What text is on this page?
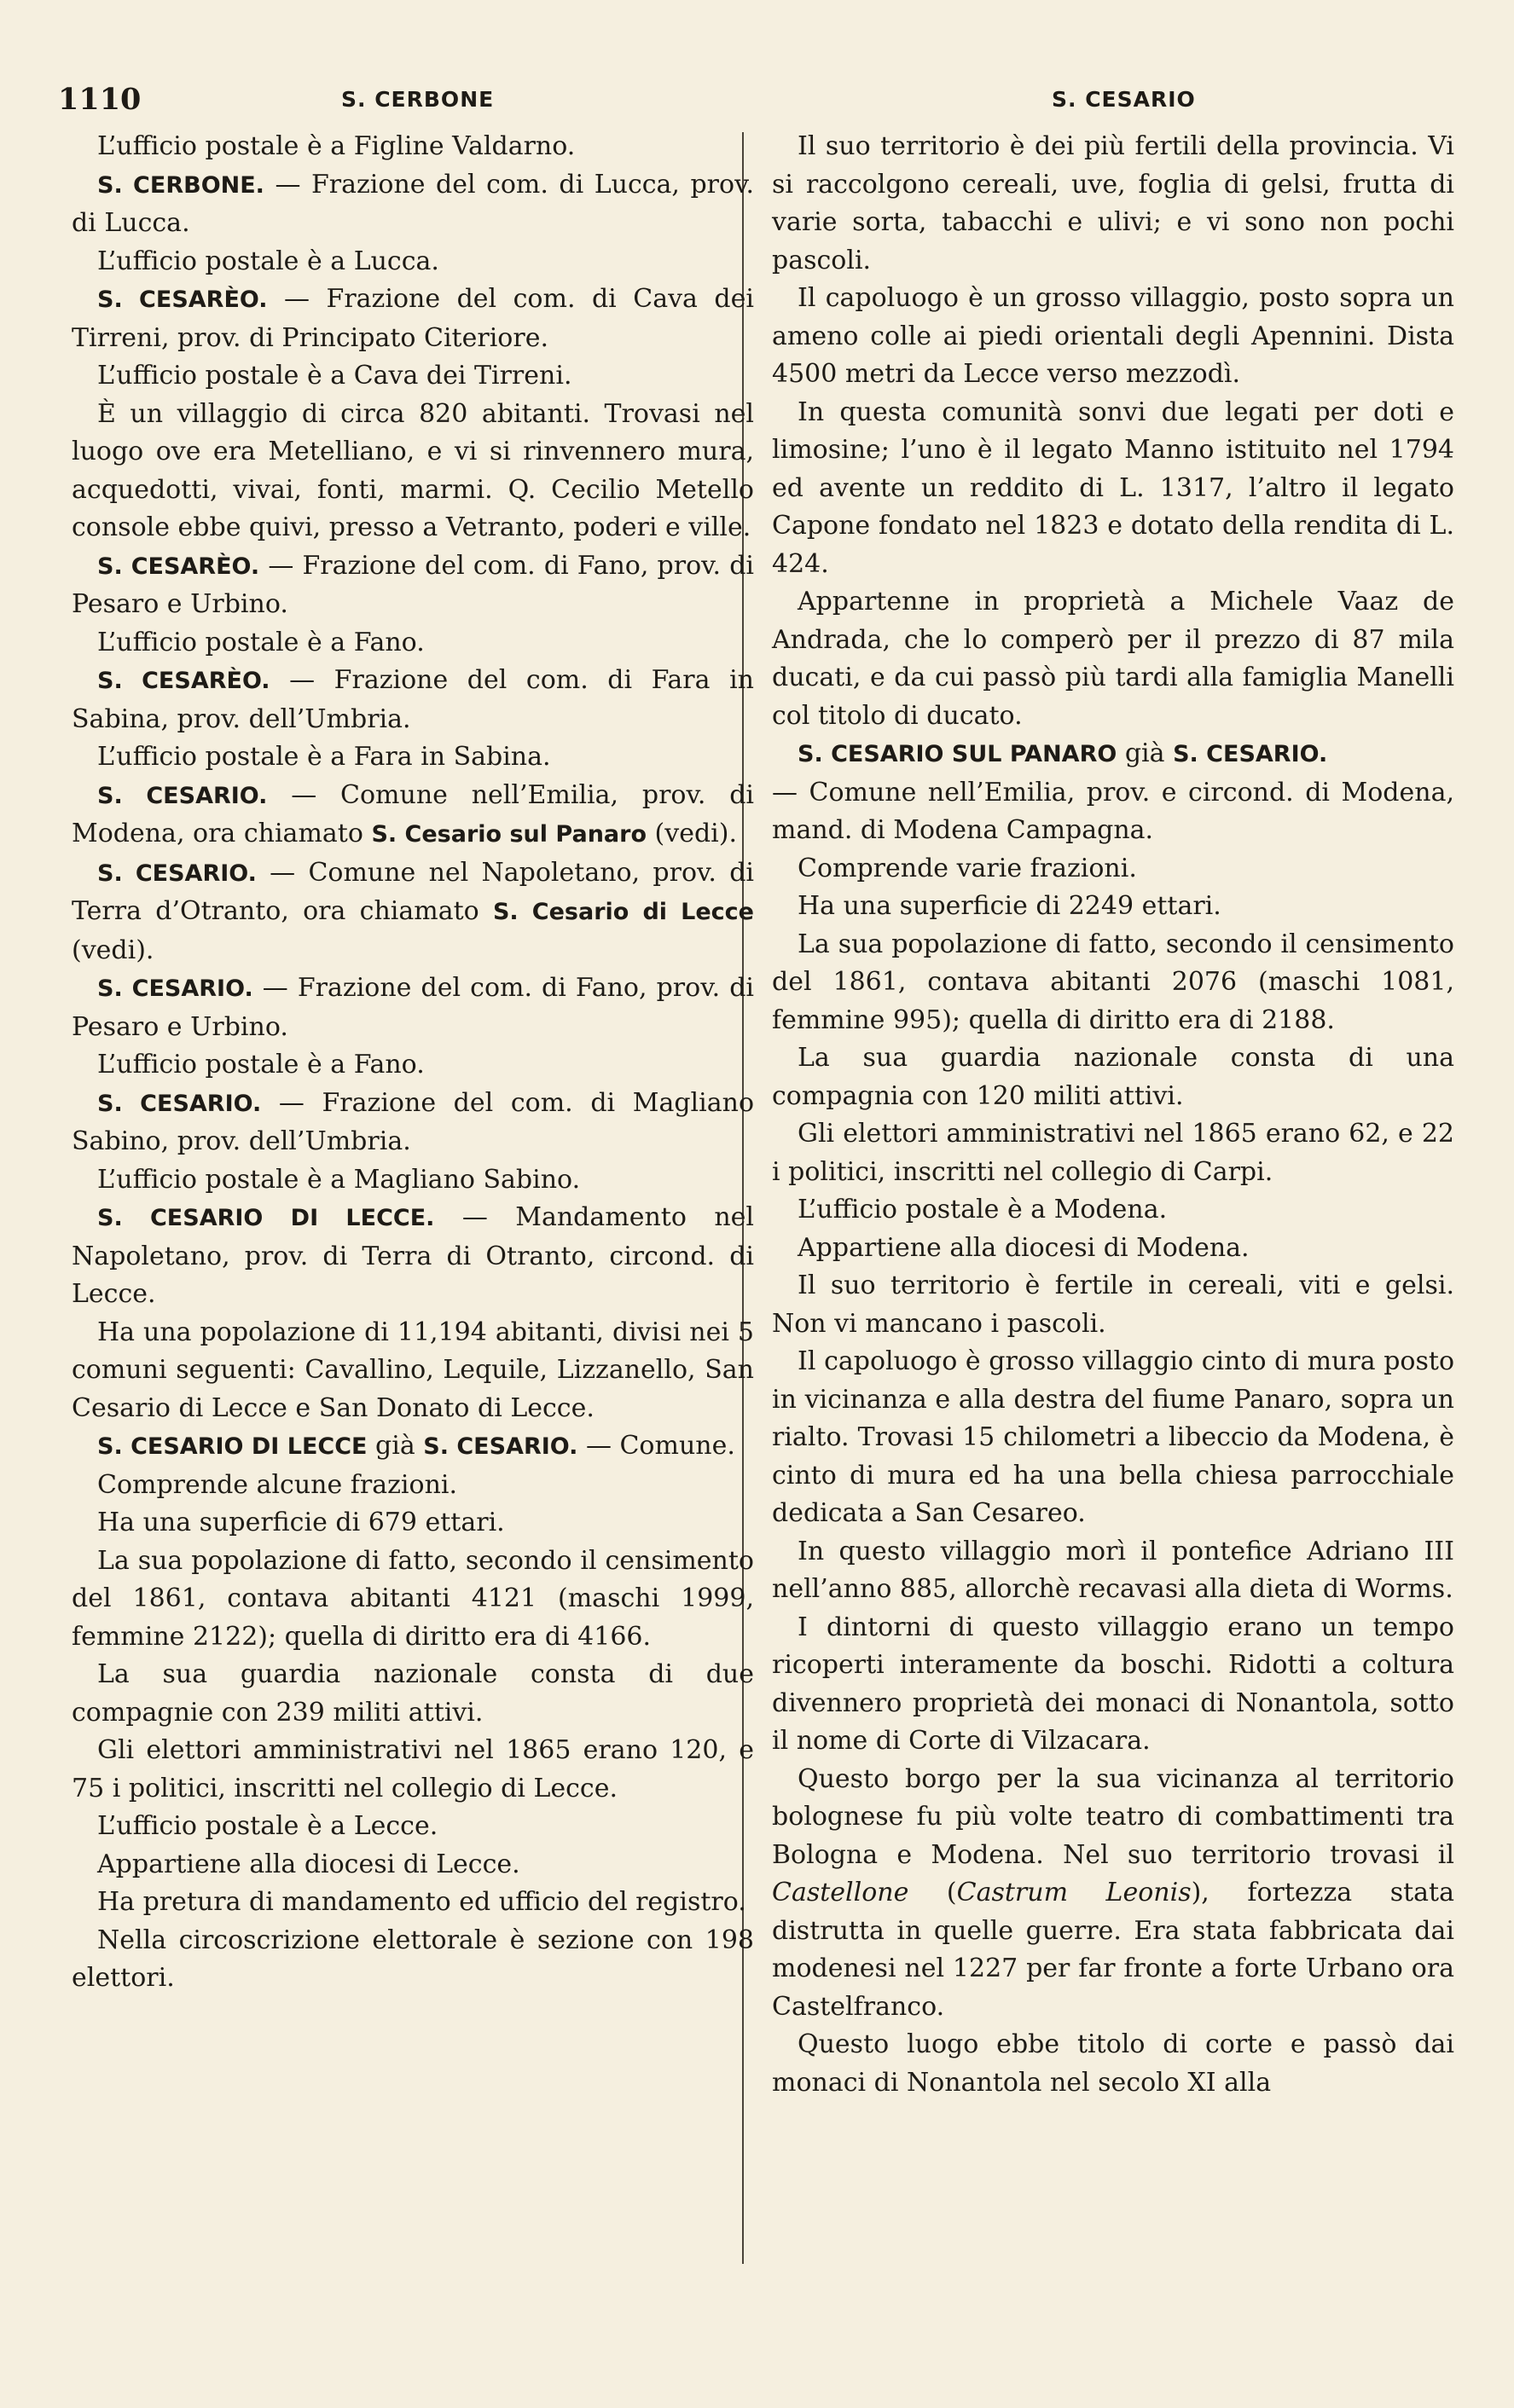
1110	S. CERBONE	S. CESARIO

L’ufficio postale è a Figline Valdarno.

S. CERBONE. — Frazione del com. di Lucca, prov. di Lucca.

L’ufficio postale è a Lucca.

S. CESARÈO. — Frazione del com. di Cava dei Tirreni, prov. di Principato Citeriore.

L’ufficio postale è a Cava dei Tirreni.

È un villaggio di circa 820 abitanti. Trovasi nel luogo ove era Metelliano, e vi si rinvennero mura, acquedotti, vivai, fonti, marmi. Q. Cecilio Metello console ebbe quivi, presso a Vetranto, poderi e ville.

S. CESARÈO. — Frazione del com. di Fano, prov. di Pesaro e Urbino.

L’ufficio postale è a Fano.

S. CESARÈO. — Frazione del com. di Fara in Sabina, prov. dell’Umbria.

L’ufficio postale è a Fara in Sabina.

S. CESARIO. — Comune nell’Emilia, prov. di Modena, ora chiamato S. Cesario sul Panaro (vedi).

S. CESARIO. — Comune nel Napoletano, prov. di Terra d’Otranto, ora chiamato S. Cesario di Lecce (vedi).

S. CESARIO. — Frazione del com. di Fano, prov. di Pesaro e Urbino.

L’ufficio postale è a Fano.

S. CESARIO. — Frazione del com. di Magliano Sabino, prov. dell’Umbria.

L’ufficio postale è a Magliano Sabino.

S. CESARIO DI LECCE. — Mandamento nel Napoletano, prov. di Terra di Otranto, circond. di Lecce.

Ha una popolazione di 11,194 abitanti, divisi nei 5 comuni seguenti: Cavallino, Lequile, Lizzanello, San Cesario di Lecce e San Donato di Lecce.

S. CESARIO DI LECCE già S. CESARIO. — Comune.

Comprende alcune frazioni.

Ha una superficie di 679 ettari.

La sua popolazione di fatto, secondo il censimento del 1861, contava abitanti 4121 (maschi 1999, femmine 2122); quella di diritto era di 4166.

La sua guardia nazionale consta di due compagnie con 239 militi attivi.

Gli elettori amministrativi nel 1865 erano 120, e 75 i politici, inscritti nel collegio di Lecce.

L’ufficio postale è a Lecce.

Appartiene alla diocesi di Lecce.

Ha pretura di mandamento ed ufficio del registro.

Nella circoscrizione elettorale è sezione con 198 elettori.

Il suo territorio è dei più fertili della provincia. Vi si raccolgono cereali, uve, foglia di gelsi, frutta di varie sorta, tabacchi e ulivi; e vi sono non pochi pascoli.

Il capoluogo è un grosso villaggio, posto sopra un ameno colle ai piedi orientali degli Apennini. Dista 4500 metri da Lecce verso mezzodì.

In questa comunità sonvi due legati per doti e limosine; l’uno è il legato Manno istituito nel 1794 ed avente un reddito di L. 1317, l’altro il legato Capone fondato nel 1823 e dotato della rendita di L. 424.

Appartenne in proprietà a Michele Vaaz de Andrada, che lo comperò per il prezzo di 87 mila ducati, e da cui passò più tardi alla famiglia Manelli col titolo di ducato.

S. CESARIO SUL PANARO già S. CESARIO.

— Comune nell’Emilia, prov. e circond. di Modena, mand. di Modena Campagna.

Comprende varie frazioni.

Ha una superficie di 2249 ettari.

La sua popolazione di fatto, secondo il censimento del 1861, contava abitanti 2076 (maschi 1081, femmine 995); quella di diritto era di 2188.

La sua guardia nazionale consta di una compagnia con 120 militi attivi.

Gli elettori amministrativi nel 1865 erano 62, e 22 i politici, inscritti nel collegio di Carpi.

L’ufficio postale è a Modena.

Appartiene alla diocesi di Modena.

Il suo territorio è fertile in cereali, viti e gelsi. Non vi mancano i pascoli.

Il capoluogo è grosso villaggio cinto di mura posto in vicinanza e alla destra del fiume Panaro, sopra un rialto. Trovasi 15 chilometri a libeccio da Modena, è cinto di mura ed ha una bella chiesa parrocchiale dedicata a San Cesareo.

In questo villaggio morì il pontefice Adriano III nell’anno 885, allorchè recavasi alla dieta di Worms.

I dintorni di questo villaggio erano un tempo ricoperti interamente da boschi. Ridotti a coltura divennero proprietà dei monaci di Nonantola, sotto il nome di Corte di Vilzacara.

Questo borgo per la sua vicinanza al territorio bolognese fu più volte teatro di combattimenti tra Bologna e Modena. Nel suo territorio trovasi il Castellone (Castrum Leonis), fortezza stata distrutta in quelle guerre. Era stata fabbricata dai modenesi nel 1227 per far fronte a forte Urbano ora Castelfranco.

Questo luogo ebbe titolo di corte e passò dai monaci di Nonantola nel secolo XI alla
